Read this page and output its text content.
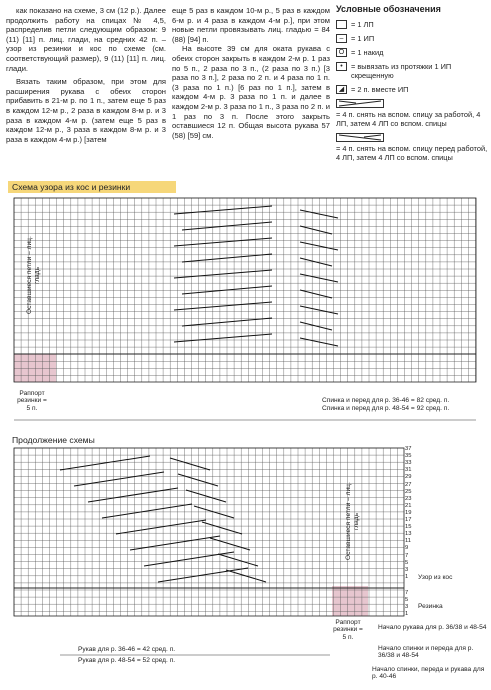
как показано на схеме, 3 см (12 р.). Далее продолжить работу на спицах № 4,5, распределив петли следующим образом: 9 (11) [11] п. лиц. глади, на средних 42 п. – узор из резинки и кос по схеме (см. соответствующий размер), 9 (11) [11] п. лиц. глади.

Вязать таким образом, при этом для расширения рукава с обеих сторон прибавить в 21-м р. по 1 п., затем еще 5 раз в каждом 12-м р., 2 раза в каждом 8-м р. и 3 раза в каждом 4-м р. (затем еще 5 раз в каждом 12-м р., 3 раза в каждом 8-м р. и 3 раза в каждом 4-м р.) [затем

еще 5 раз в каждом 10-м р., 5 раз в каждом 6-м р. и 4 раза в каждом 4-м р.], при этом новые петли провязывать лиц. гладью = 84 (88) [94] п.

На высоте 39 см для оката рукава с обеих сторон закрыть в каждом 2-м р. 1 раз по 5 п., 2 раза по 3 п., (2 раза по 3 п.) [3 раза по 3 п.], 2 раза по 2 п. и 4 раза по 1 п. (3 раза по 1 п.) [6 раз по 1 п.], затем в каждом 4-м р. 3 раза по 1 п. и далее в каждом 2-м р. 3 раза по 1 п., 3 раза по 2 п. и 1 раз по 3 п. После этого закрыть оставшиеся 12 п. Общая высота рукава 57 (58) [59] см.

Условные обозначения
= 1 ЛП
–	= 1 ИП
O = 1 накид
•	= вывязать из протяжки 1 ИП скрещенную
◢ = 2 п. вместе ИП
= 4 п. снять на вспом. спицу за работой, 4 ЛП, затем 4 ЛП со вспом. спицы
= 4 п. снять на вспом. спицу перед работой, 4 ЛП, затем 4 ЛП со вспом. спицы
Схема узора из кос и резинки
Продолжение схемы
Оставшиеся петли – лиц. гладь
Раппорт резинки = 5 п.
Спинка и перед для р. 36-46 = 82 сред. п.
Спинка и перед для р. 48-54 = 92 сред. п.
Оставшиеся петли – лиц. гладь
Узор из кос
Резинка
Раппорт резинки = 5 п.
Рукав для р. 36-46 = 42 сред. п.
Рукав для р. 48-54 = 52 сред. п.
Начало рукава для р. 36/38 и 48-54
Начало спинки и переда для р. 36/38 и 48-54
Начало спинки, переда и рукава для р. 40-46
37
35
33
31
29
27
25
23
21
19
17
15
13
11
9
7
5
3
1
7
5
3
1
